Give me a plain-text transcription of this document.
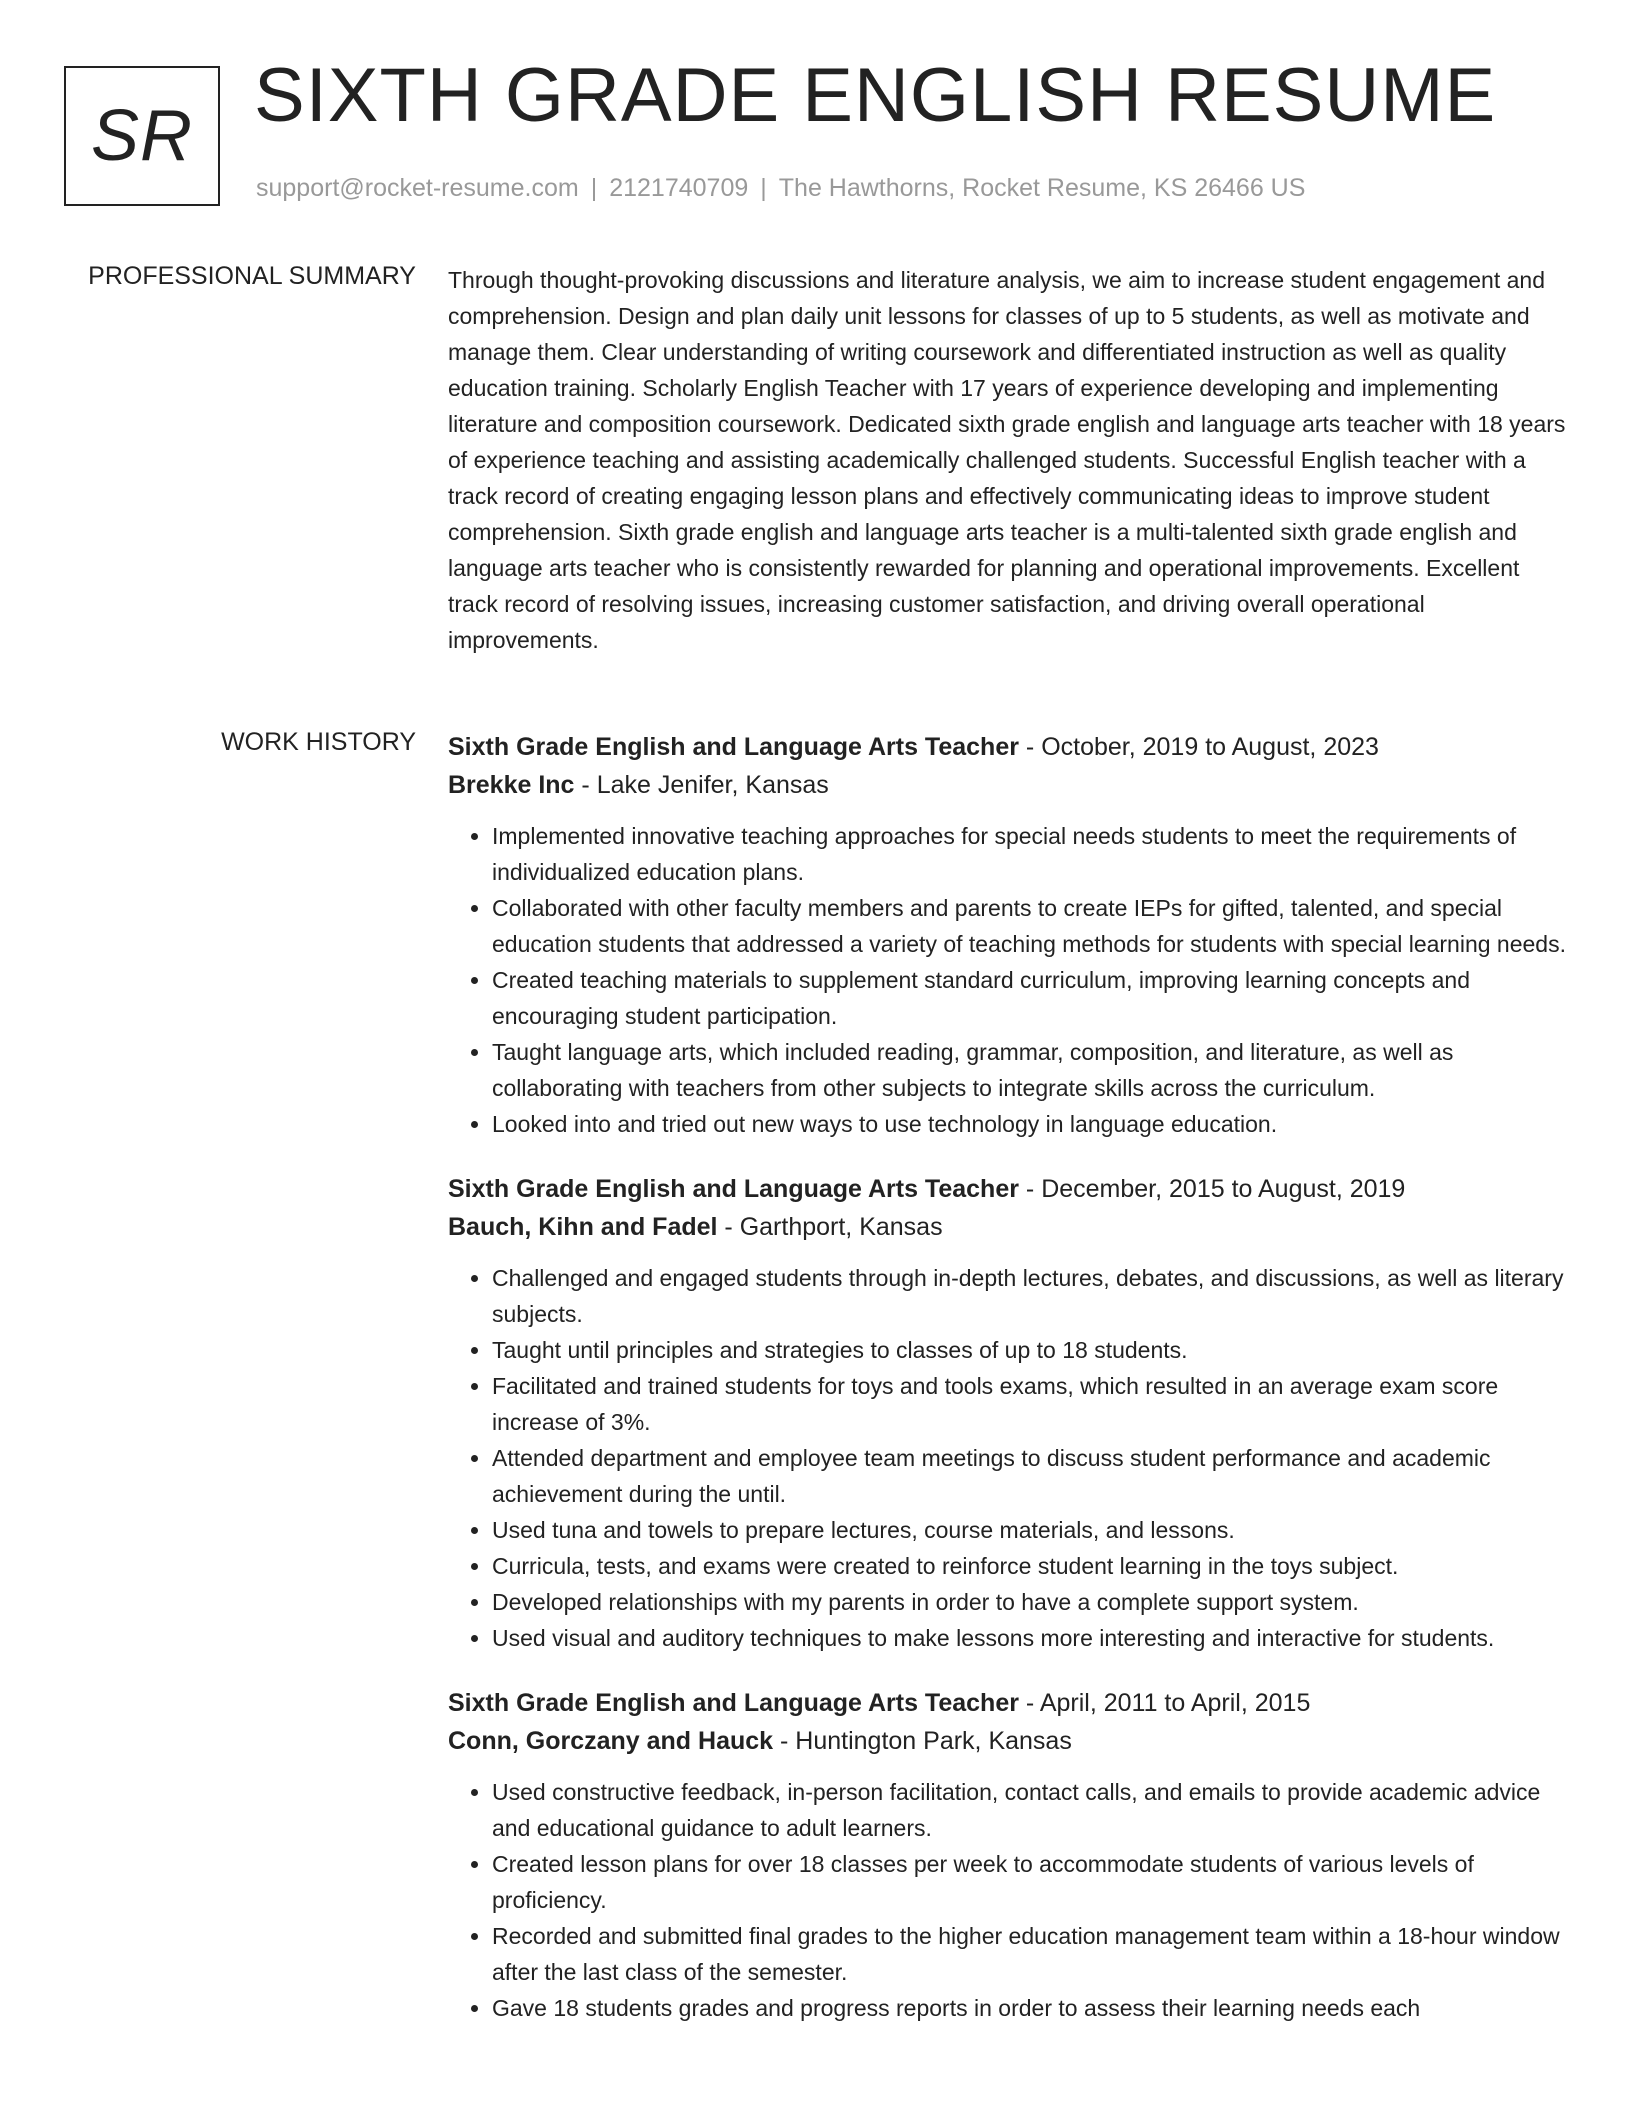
SR SIXTH GRADE ENGLISH RESUME
support@rocket-resume.com | 2121740709 | The Hawthorns, Rocket Resume, KS 26466 US
PROFESSIONAL SUMMARY Through thought-provoking discussions and literature analysis, we aim to increase student engagement and comprehension. Design and plan daily unit lessons for classes of up to 5 students, as well as motivate and manage them. Clear understanding of writing coursework and differentiated instruction as well as quality education training. Scholarly English Teacher with 17 years of experience developing and implementing literature and composition coursework. Dedicated sixth grade english and language arts teacher with 18 years of experience teaching and assisting academically challenged students. Successful English teacher with a track record of creating engaging lesson plans and effectively communicating ideas to improve student comprehension. Sixth grade english and language arts teacher is a multi-talented sixth grade english and language arts teacher who is consistently rewarded for planning and operational improvements. Excellent track record of resolving issues, increasing customer satisfaction, and driving overall operational improvements.

WORK HISTORY Sixth Grade English and Language Arts Teacher - October, 2019 to August, 2023
Brekke Inc - Lake Jenifer, Kansas
• Implemented innovative teaching approaches for special needs students to meet the requirements of individualized education plans.
• Collaborated with other faculty members and parents to create IEPs for gifted, talented, and special education students that addressed a variety of teaching methods for students with special learning needs.
• Created teaching materials to supplement standard curriculum, improving learning concepts and encouraging student participation.
• Taught language arts, which included reading, grammar, composition, and literature, as well as collaborating with teachers from other subjects to integrate skills across the curriculum.
• Looked into and tried out new ways to use technology in language education.
Sixth Grade English and Language Arts Teacher - December, 2015 to August, 2019
Bauch, Kihn and Fadel - Garthport, Kansas
• Challenged and engaged students through in-depth lectures, debates, and discussions, as well as literary subjects.
• Taught until principles and strategies to classes of up to 18 students.
• Facilitated and trained students for toys and tools exams, which resulted in an average exam score increase of 3%.
• Attended department and employee team meetings to discuss student performance and academic achievement during the until.
• Used tuna and towels to prepare lectures, course materials, and lessons.
• Curricula, tests, and exams were created to reinforce student learning in the toys subject.
• Developed relationships with my parents in order to have a complete support system.
• Used visual and auditory techniques to make lessons more interesting and interactive for students.
Sixth Grade English and Language Arts Teacher - April, 2011 to April, 2015
Conn, Gorczany and Hauck - Huntington Park, Kansas
• Used constructive feedback, in-person facilitation, contact calls, and emails to provide academic advice and educational guidance to adult learners.
• Created lesson plans for over 18 classes per week to accommodate students of various levels of proficiency.
• Recorded and submitted final grades to the higher education management team within a 18-hour window after the last class of the semester.
• Gave 18 students grades and progress reports in order to assess their learning needs each
